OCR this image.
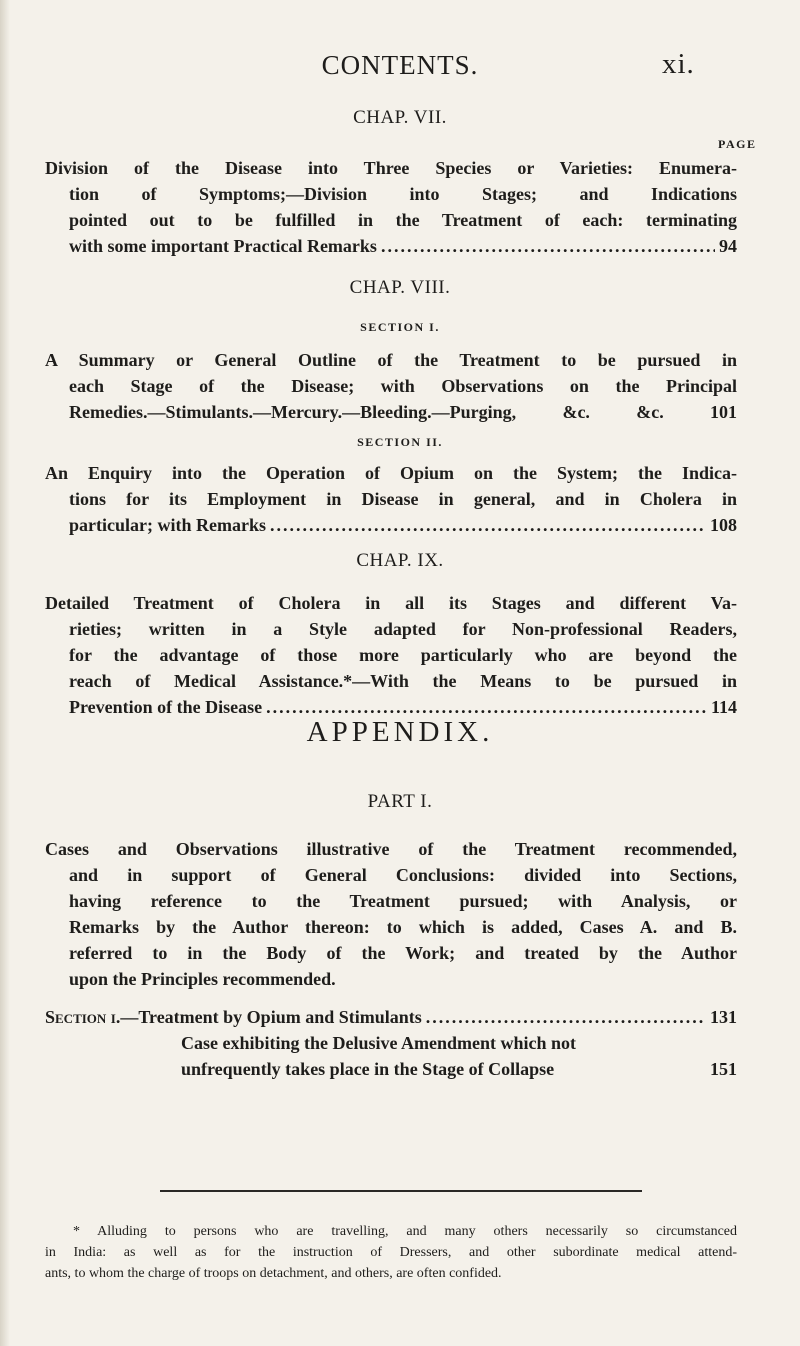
CONTENTS.	xi.
CHAP. VII.
PAGE
Division of the Disease into Three Species or Varieties: Enumera-
tion of Symptoms;—Division into Stages; and Indications
pointed out to be fulfilled in the Treatment of each: terminating
with some important Practical Remarks .....	94
CHAP. VIII.
SECTION I.
A Summary or General Outline of the Treatment to be pursued in
each Stage of the Disease; with Observations on the Principal
Remedies.—Stimulants.—Mercury.—Bleeding.—Purging, &c. &c. 101
SECTION II.
An Enquiry into the Operation of Opium on the System; the Indica-
tions for its Employment in Disease in general, and in Cholera in
particular; with Remarks .....	108
CHAP. IX.
Detailed Treatment of Cholera in all its Stages and different Va-
rieties; written in a Style adapted for Non-professional Readers,
for the advantage of those more particularly who are beyond the
reach of Medical Assistance.*—With the Means to be pursued in
Prevention of the Disease .....	114
APPENDIX.
PART I.
Cases and Observations illustrative of the Treatment recommended,
and in support of General Conclusions: divided into Sections,
having reference to the Treatment pursued; with Analysis, or
Remarks by the Author thereon: to which is added, Cases A. and B.
referred to in the Body of the Work; and treated by the Author
upon the Principles recommended.
Section i. —Treatment by Opium and Stimulants .....	131
Case exhibiting the Delusive Amendment which not
unfrequently takes place in the Stage of Collapse	151
* Alluding to persons who are travelling, and many others necessarily so circumstanced
in India: as well as for the instruction of Dressers, and other subordinate medical attend-
ants, to whom the charge of troops on detachment, and others, are often confided.
